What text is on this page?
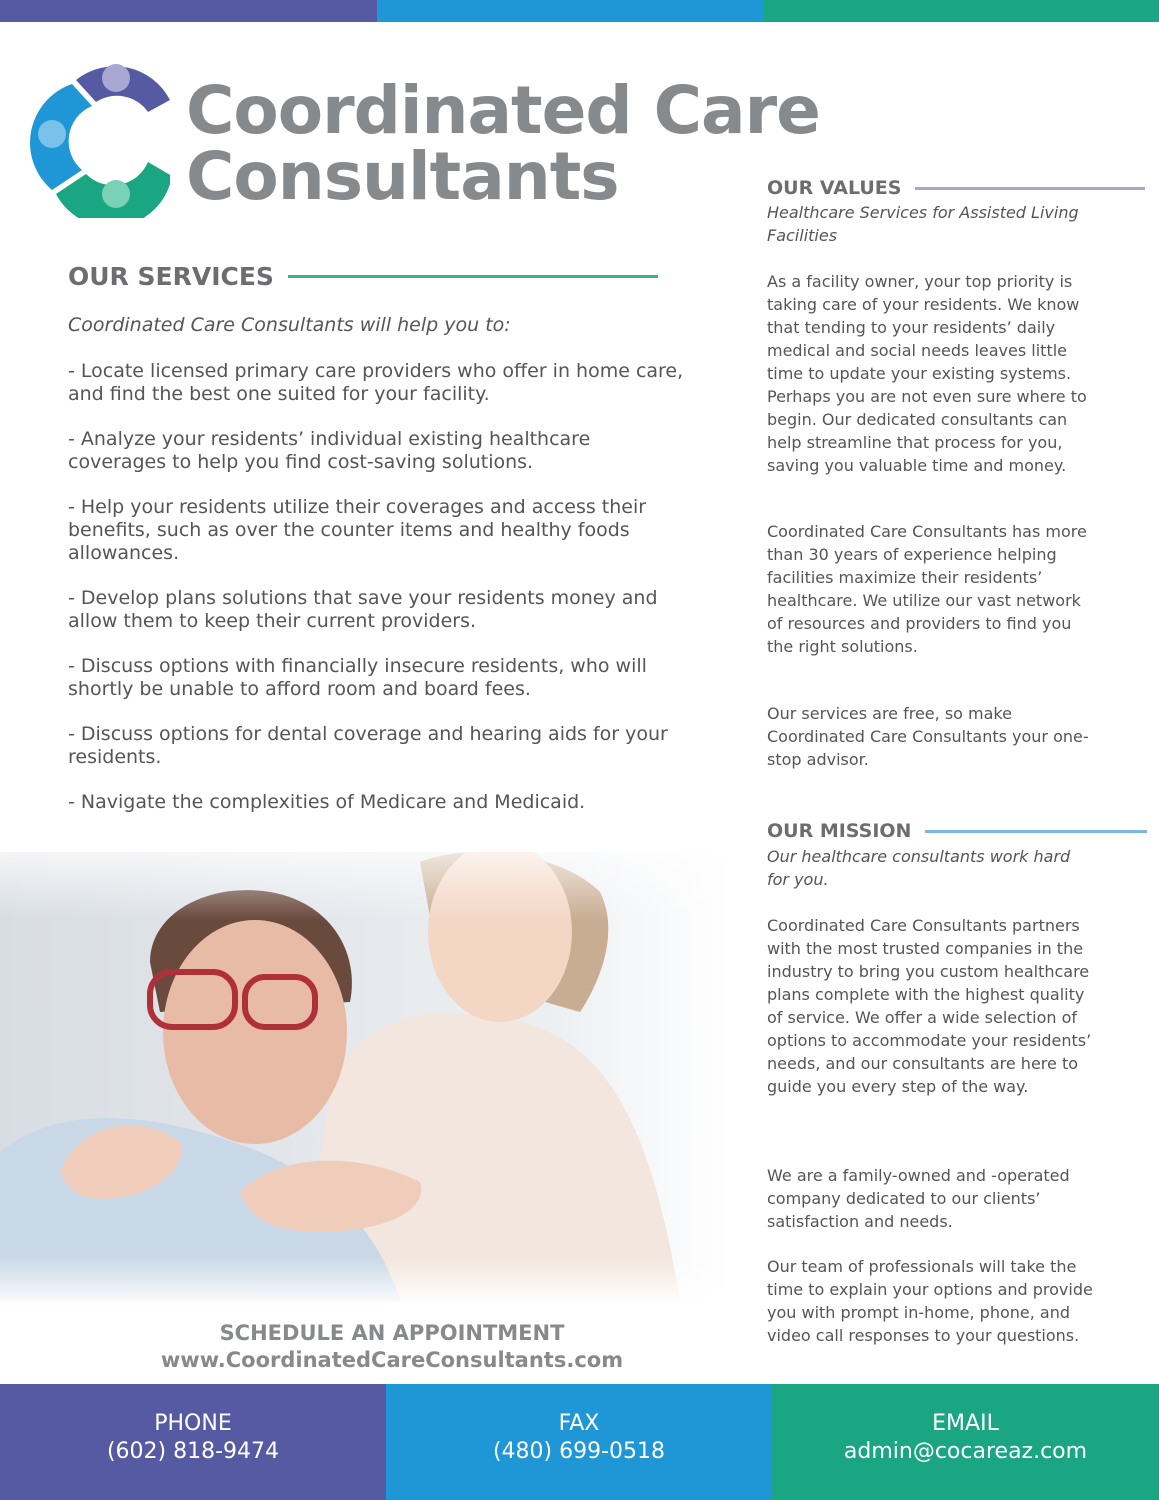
Coordinated Care
Consultants
OUR SERVICES
Coordinated Care Consultants will help you to:
- Locate licensed primary care providers who offer in home care, and find the best one suited for your facility.
- Analyze your residents’ individual existing healthcare coverages to help you find cost-saving solutions.
- Help your residents utilize their coverages and access their benefits, such as over the counter items and healthy foods allowances.
- Develop plans solutions that save your residents money and allow them to keep their current providers.
- Discuss options with financially insecure residents, who will shortly be unable to afford room and board fees.
- Discuss options for dental coverage and hearing aids for your residents.
- Navigate the complexities of Medicare and Medicaid.
OUR VALUES
Healthcare Services for Assisted Living Facilities

As a facility owner, your top priority is taking care of your residents. We know that tending to your residents’ daily medical and social needs leaves little time to update your existing systems. Perhaps you are not even sure where to begin. Our dedicated consultants can help streamline that process for you, saving you valuable time and money.

Coordinated Care Consultants has more than 30 years of experience helping facilities maximize their residents’ healthcare. We utilize our vast network of resources and providers to find you the right solutions.

Our services are free, so make Coordinated Care Consultants your one-stop advisor.

OUR MISSION
Our healthcare consultants work hard for you.

Coordinated Care Consultants partners with the most trusted companies in the industry to bring you custom healthcare plans complete with the highest quality of service. We offer a wide selection of options to accommodate your residents’ needs, and our consultants are here to guide you every step of the way.

We are a family-owned and -operated company dedicated to our clients’ satisfaction and needs.

Our team of professionals will take the time to explain your options and provide you with prompt in-home, phone, and video call responses to your questions.

SCHEDULE AN APPOINTMENT
www.CoordinatedCareConsultants.com
PHONE
(602) 818-9474
FAX
(480) 699-0518
EMAIL
admin@cocareaz.com
